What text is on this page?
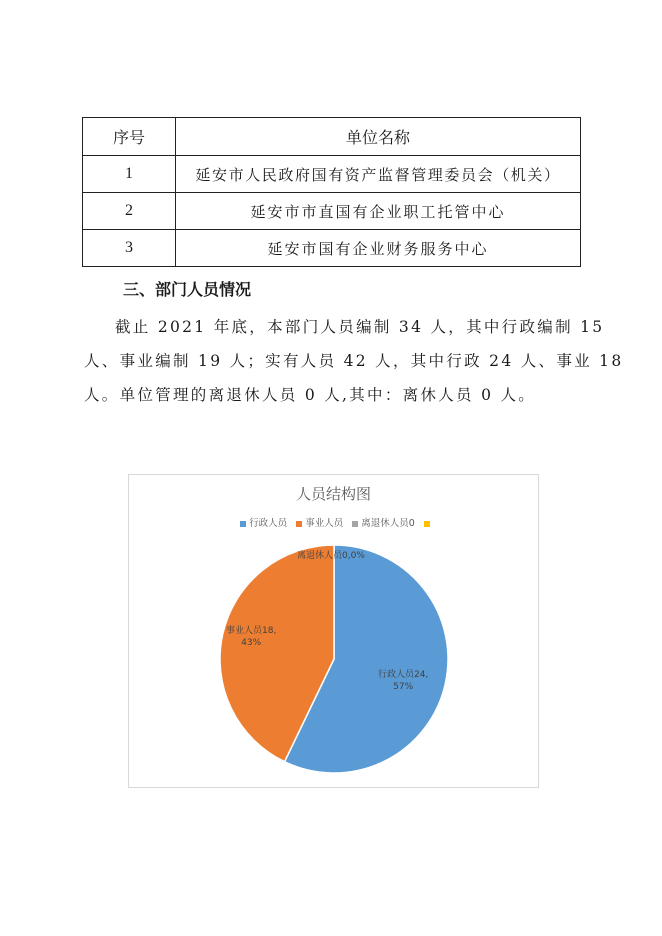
序号	单位名称
1	延安市人民政府国有资产监督管理委员会（机关）
2	延安市市直国有企业职工托管中心
3	延安市国有企业财务服务中心
三、部门人员情况
截止 2021 年底，本部门人员编制 34 人，其中行政编制 15
人、事业编制 19 人；实有人员 42 人，其中行政 24 人、事业 18
人。单位管理的离退休人员 0 人,其中：离休人员 0 人。
人员结构图
行政人员 事业人员 离退休人员0
离退休人员0,0%
事业人员18,
43%
行政人员24,
57%
